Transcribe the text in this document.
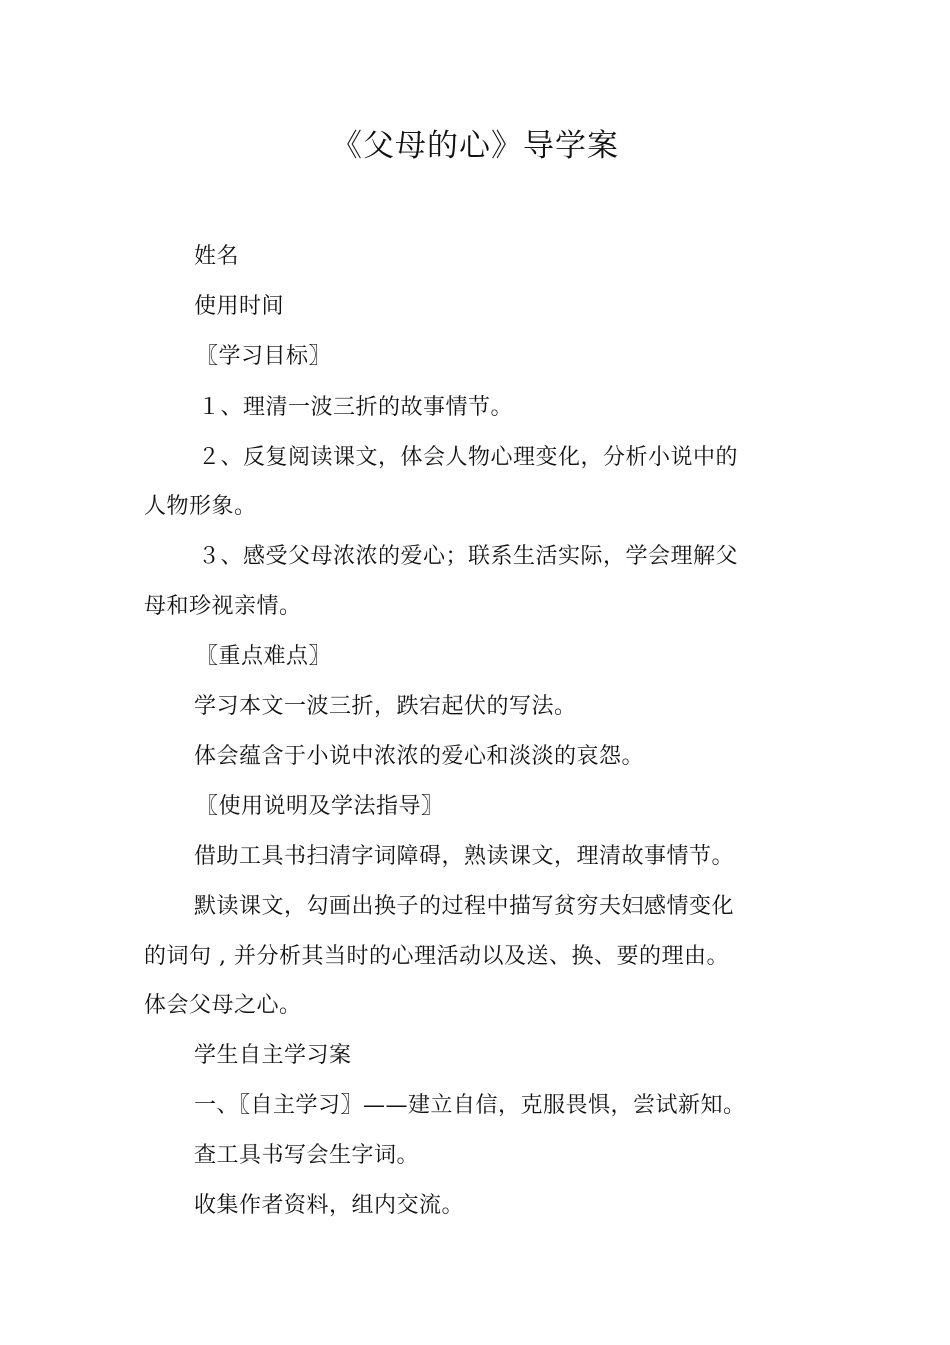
《父母的心》导学案
姓名
使用时间
〖学习目标〗
１、理清一波三折的故事情节。
２、反复阅读课文，体会人物心理变化，分析小说中的
人物形象。
３、感受父母浓浓的爱心；联系生活实际，学会理解父
母和珍视亲情。
〖重点难点〗
学习本文一波三折，跌宕起伏的写法。
体会蕴含于小说中浓浓的爱心和淡淡的哀怨。
〖使用说明及学法指导〗
借助工具书扫清字词障碍，熟读课文，理清故事情节。
默读课文，勾画出换子的过程中描写贫穷夫妇感情变化
的词句 , 并分析其当时的心理活动以及送、换、要的理由。
体会父母之心。
学生自主学习案
一、〖自主学习〗——建立自信，克服畏惧，尝试新知。
查工具书写会生字词。
收集作者资料，组内交流。
